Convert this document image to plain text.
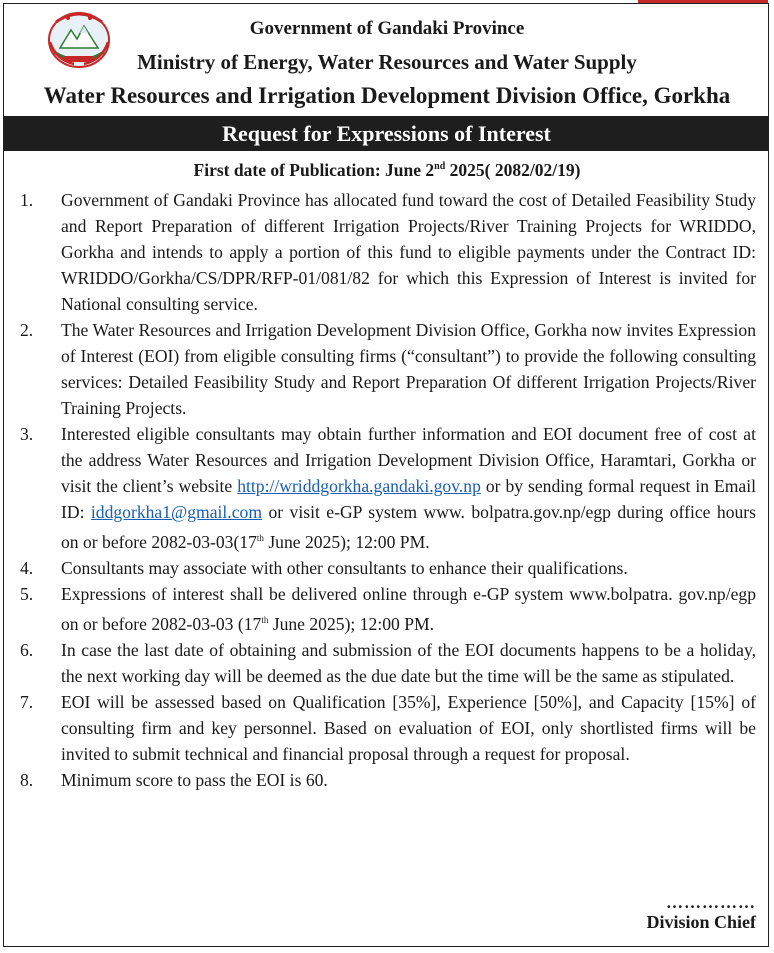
Government of Gandaki Province
Ministry of Energy, Water Resources and Water Supply
Water Resources and Irrigation Development Division Office, Gorkha
Request for Expressions of Interest
First date of Publication: June 2nd 2025( 2082/02/19)
1. Government of Gandaki Province has allocated fund toward the cost of Detailed Feasibility Study and Report Preparation of different Irrigation Projects/River Training Projects for WRIDDO, Gorkha and intends to apply a portion of this fund to eligible payments under the Contract ID: WRIDDO/Gorkha/CS/DPR/RFP-01/081/82 for which this Expression of Interest is invited for National consulting service.
2. The Water Resources and Irrigation Development Division Office, Gorkha now invites Expression of Interest (EOI) from eligible consulting firms (“consultant”) to provide the following consulting services: Detailed Feasibility Study and Report Preparation Of different Irrigation Projects/River Training Projects.
3. Interested eligible consultants may obtain further information and EOI document free of cost at the address Water Resources and Irrigation Development Division Office, Haramtari, Gorkha or visit the client’s website http://wriddgorkha.gandaki.gov.np or by sending formal request in Email ID: iddgorkha1@gmail.com or visit e-GP system www. bolpatra.gov.np/egp during office hours on or before 2082-03-03(17th June 2025); 12:00 PM.
4. Consultants may associate with other consultants to enhance their qualifications.
5. Expressions of interest shall be delivered online through e-GP system www.bolpatra. gov.np/egp on or before 2082-03-03 (17th June 2025); 12:00 PM.
6. In case the last date of obtaining and submission of the EOI documents happens to be a holiday, the next working day will be deemed as the due date but the time will be the same as stipulated.
7. EOI will be assessed based on Qualification [35%], Experience [50%], and Capacity [15%] of consulting firm and key personnel. Based on evaluation of EOI, only shortlisted firms will be invited to submit technical and financial proposal through a request for proposal.
8. Minimum score to pass the EOI is 60.
……………
Division Chief
